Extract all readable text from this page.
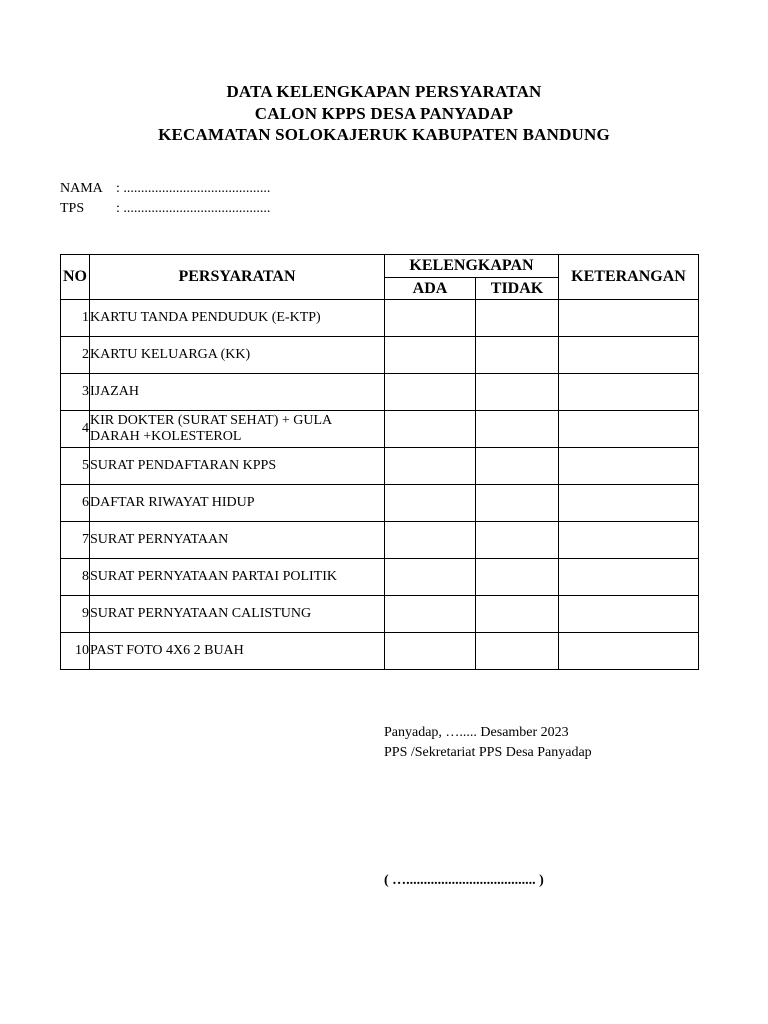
DATA KELENGKAPAN PERSYARATAN
CALON KPPS DESA PANYADAP
KECAMATAN SOLOKAJERUK KABUPATEN BANDUNG
NAMA : ..........................................
TPS : ..........................................
NO	PERSYARATAN	KELENGKAPAN		KETERANGAN
		ADA	TIDAK	
1	KARTU TANDA PENDUDUK (E-KTP)			
2	KARTU KELUARGA (KK)			
3	IJAZAH			
4	KIR DOKTER (SURAT SEHAT) + GULA DARAH +KOLESTEROL			
5	SURAT PENDAFTARAN KPPS			
6	DAFTAR RIWAYAT HIDUP			
7	SURAT PERNYATAAN			
8	SURAT PERNYATAAN PARTAI POLITIK			
9	SURAT PERNYATAAN CALISTUNG			
10	PAST FOTO 4X6 2 BUAH			
Panyadap, …..... Desamber 2023
PPS /Sekretariat PPS Desa Panyadap
( …..................................... )
